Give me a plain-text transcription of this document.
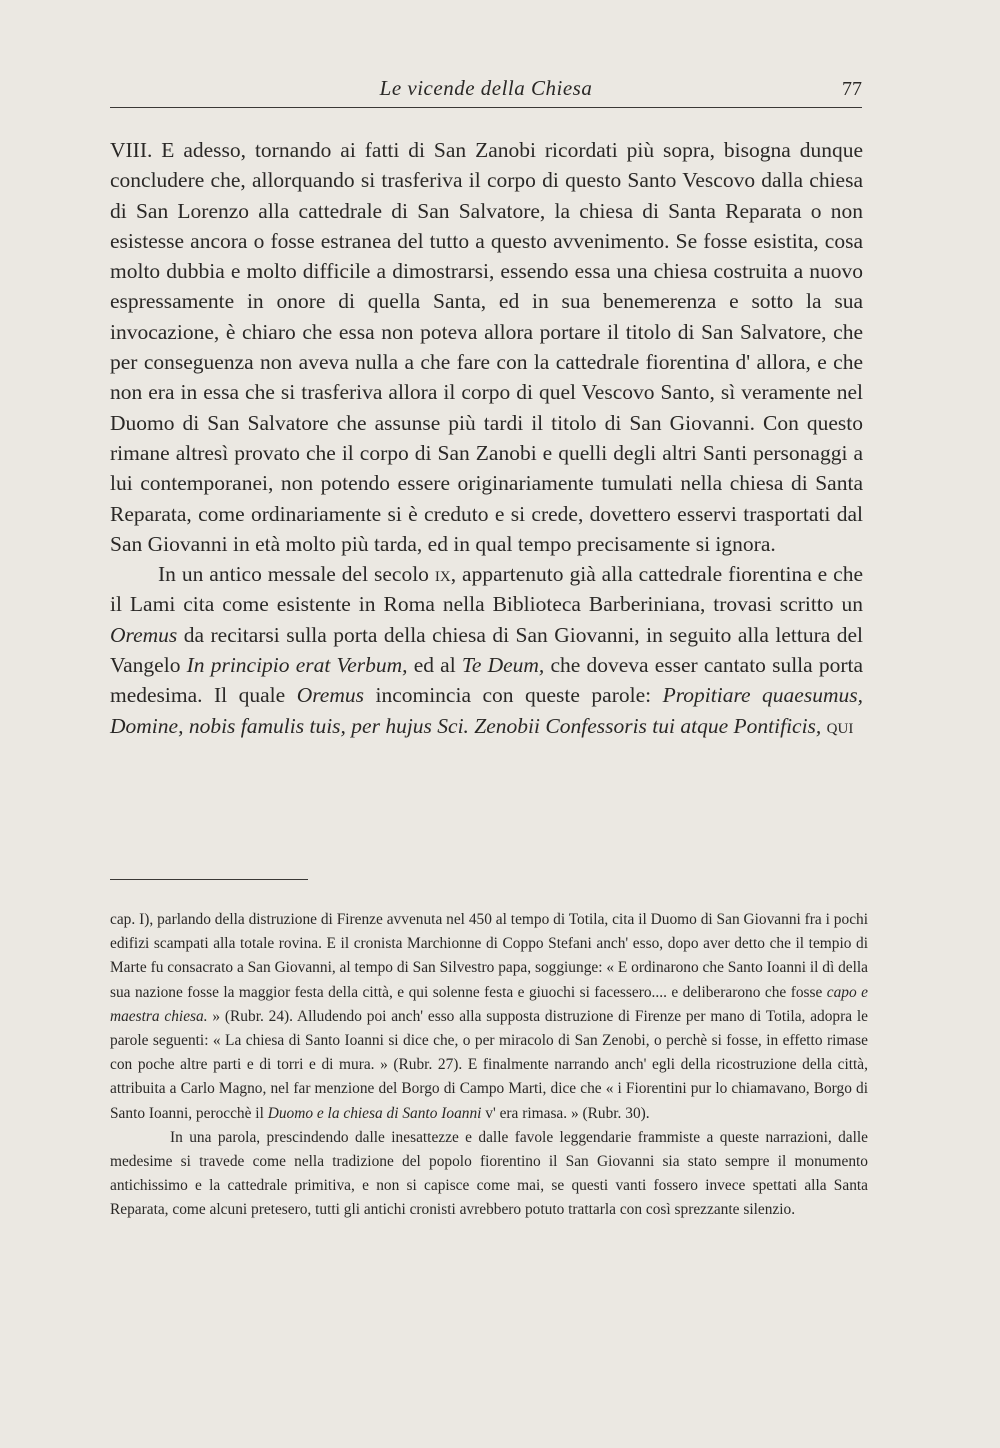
Le vicende della Chiesa	77

VIII. E adesso, tornando ai fatti di San Zanobi ricordati più sopra, bisogna dunque concludere che, allorquando si trasferiva il corpo di questo Santo Vescovo dalla chiesa di San Lorenzo alla cattedrale di San Salvatore, la chiesa di Santa Reparata o non esistesse ancora o fosse estranea del tutto a questo avvenimento. Se fosse esistita, cosa molto dubbia e molto difficile a dimostrarsi, essendo essa una chiesa costruita a nuovo espressamente in onore di quella Santa, ed in sua benemerenza e sotto la sua invocazione, è chiaro che essa non poteva allora portare il titolo di San Salvatore, che per conseguenza non aveva nulla a che fare con la cattedrale fiorentina d' allora, e che non era in essa che si trasferiva allora il corpo di quel Vescovo Santo, sì veramente nel Duomo di San Salvatore che assunse più tardi il titolo di San Giovanni. Con questo rimane altresì provato che il corpo di San Zanobi e quelli degli altri Santi personaggi a lui contemporanei, non potendo essere originariamente tumulati nella chiesa di Santa Reparata, come ordinariamente si è creduto e si crede, dovettero esservi trasportati dal San Giovanni in età molto più tarda, ed in qual tempo precisamente si ignora.

In un antico messale del secolo ix, appartenuto già alla cattedrale fiorentina e che il Lami cita come esistente in Roma nella Biblioteca Barberiniana, trovasi scritto un Oremus da recitarsi sulla porta della chiesa di San Giovanni, in seguito alla lettura del Vangelo In principio erat Verbum, ed al Te Deum, che doveva esser cantato sulla porta medesima. Il quale Oremus incomincia con queste parole: Propitiare quaesumus, Domine, nobis famulis tuis, per hujus Sci. Zenobii Confessoris tui atque Pontificis, qui

cap. I), parlando della distruzione di Firenze avvenuta nel 450 al tempo di Totila, cita il Duomo di San Giovanni fra i pochi edifizi scampati alla totale rovina. E il cronista Marchionne di Coppo Stefani anch' esso, dopo aver detto che il tempio di Marte fu consacrato a San Giovanni, al tempo di San Silvestro papa, soggiunge: « E ordinarono che Santo Ioanni il dì della sua nazione fosse la maggior festa della città, e qui solenne festa e giuochi si facessero.... e deliberarono che fosse capo e maestra chiesa. » (Rubr. 24). Alludendo poi anch' esso alla supposta distruzione di Firenze per mano di Totila, adopra le parole seguenti: « La chiesa di Santo Ioanni si dice che, o per miracolo di San Zenobi, o perchè si fosse, in effetto rimase con poche altre parti e di torri e di mura. » (Rubr. 27). E finalmente narrando anch' egli della ricostruzione della città, attribuita a Carlo Magno, nel far menzione del Borgo di Campo Marti, dice che « i Fiorentini pur lo chiamavano, Borgo di Santo Ioanni, perocchè il Duomo e la chiesa di Santo Ioanni v' era rimasa. » (Rubr. 30).

In una parola, prescindendo dalle inesattezze e dalle favole leggendarie frammiste a queste narrazioni, dalle medesime si travede come nella tradizione del popolo fiorentino il San Giovanni sia stato sempre il monumento antichissimo e la cattedrale primitiva, e non si capisce come mai, se questi vanti fossero invece spettati alla Santa Reparata, come alcuni pretesero, tutti gli antichi cronisti avrebbero potuto trattarla con così sprezzante silenzio.
